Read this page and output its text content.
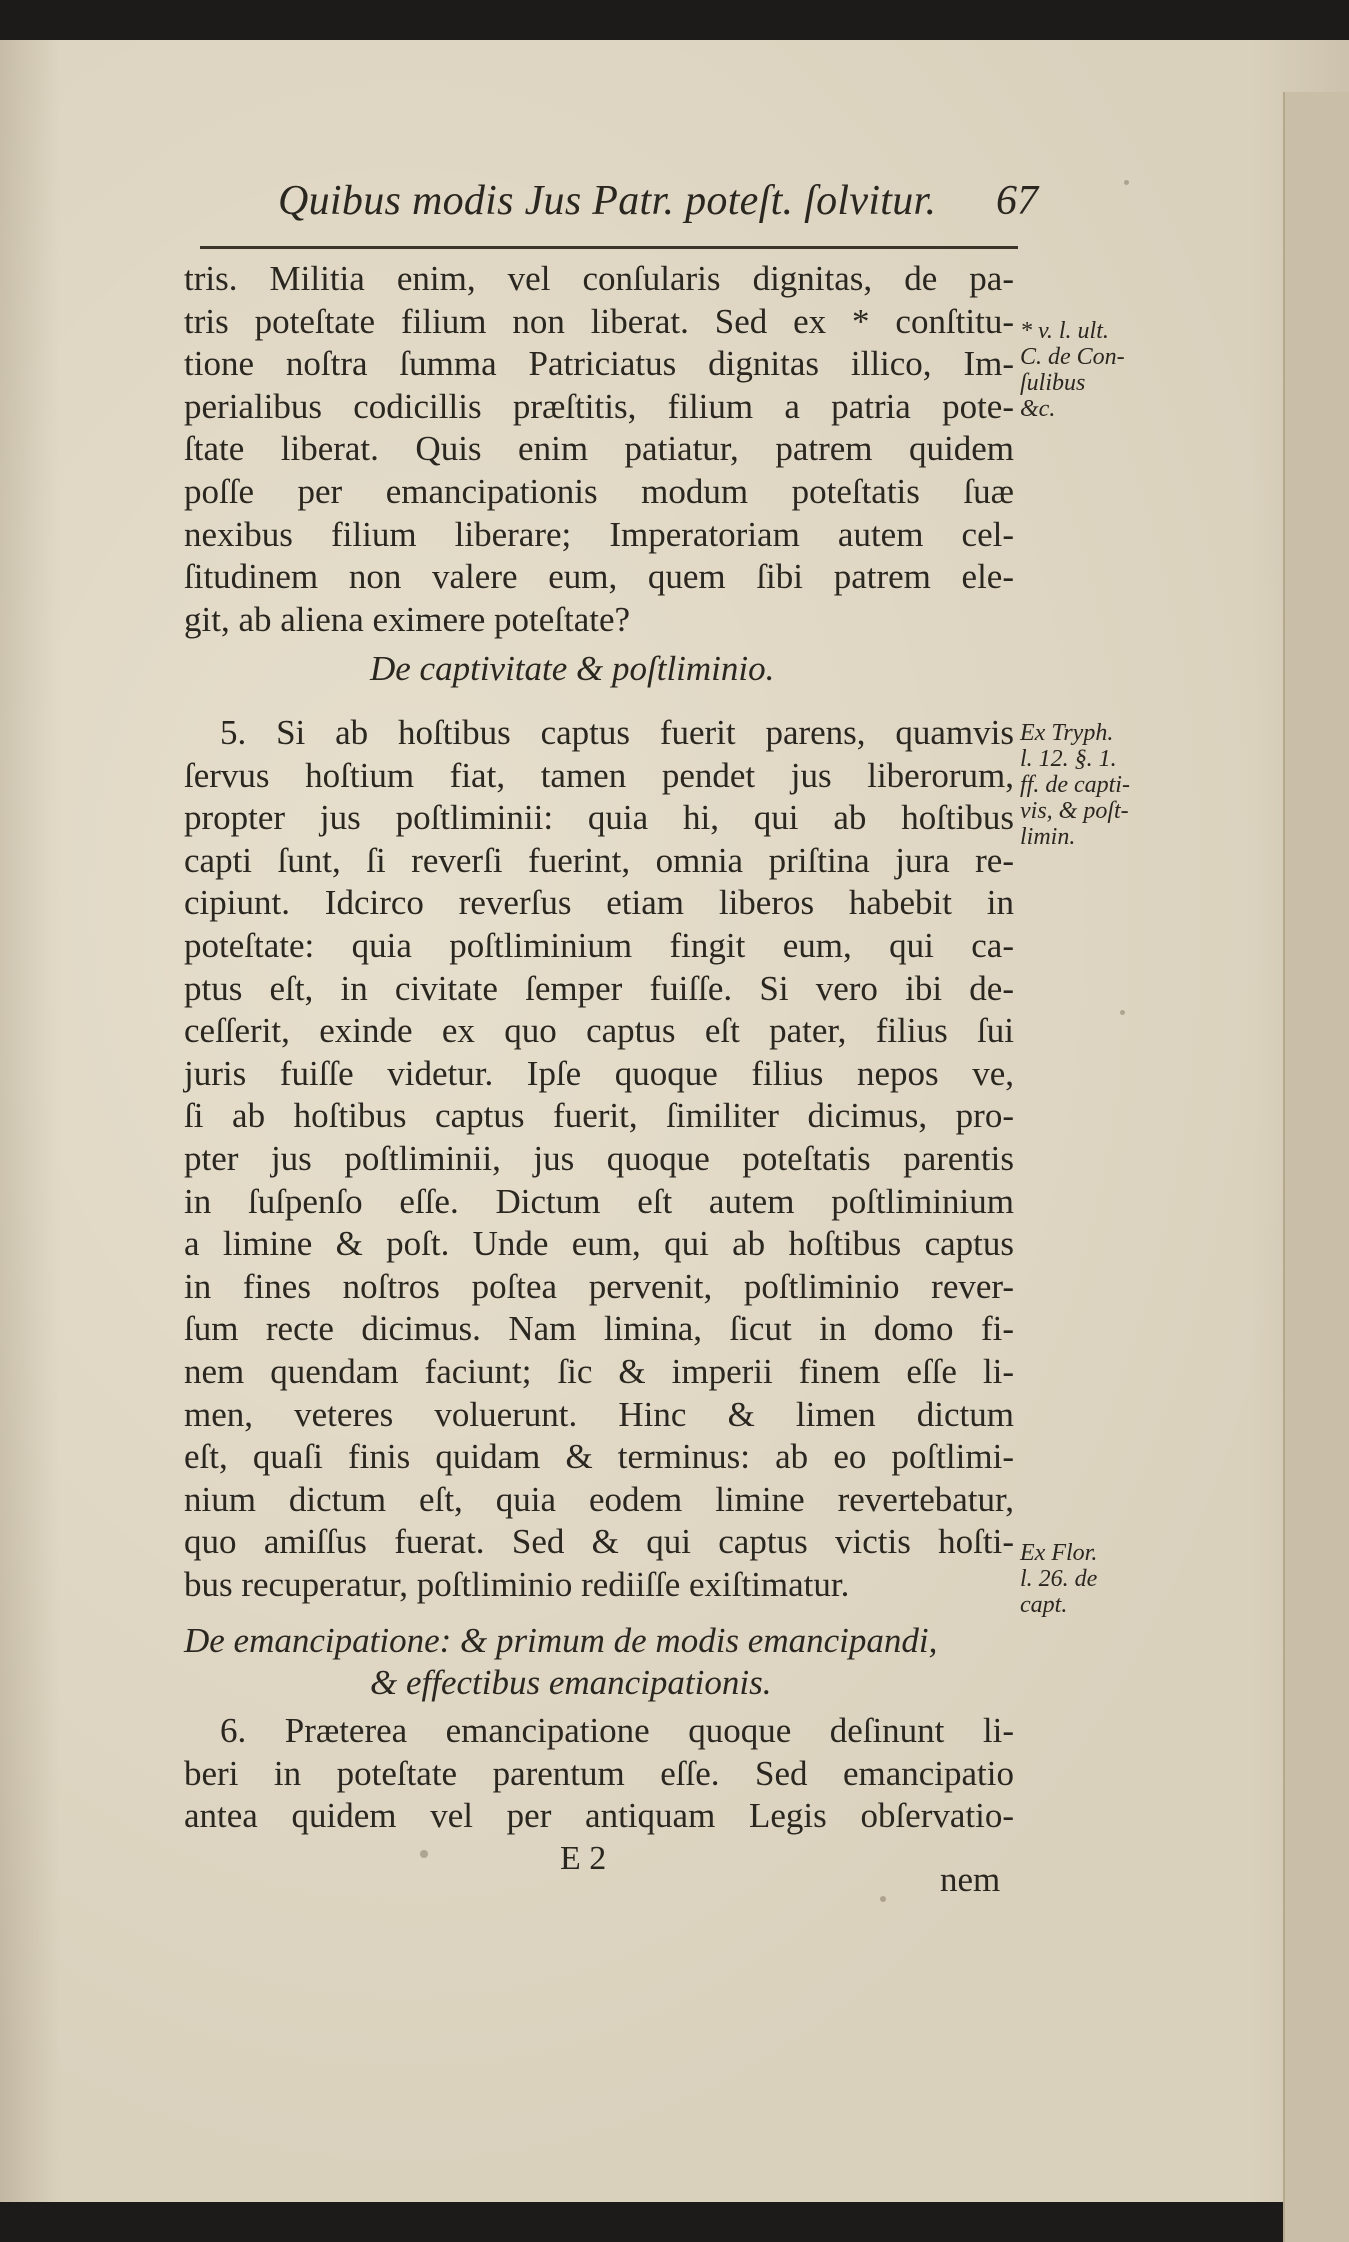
Quibus modis Jus Patr. poteſt. ſolvitur. 67
tris. Militia enim, vel conſularis dignitas, de pa-
tris poteſtate filium non liberat. Sed ex * conſtitu-
tione noſtra ſumma Patriciatus dignitas illico, Im-
perialibus codicillis præſtitis, filium a patria pote-
ſtate liberat. Quis enim patiatur, patrem quidem
poſſe per emancipationis modum poteſtatis ſuæ
nexibus filium liberare; Imperatoriam autem cel-
ſitudinem non valere eum, quem ſibi patrem ele-
git, ab aliena eximere poteſtate?
5. Si ab hoſtibus captus fuerit parens, quamvis
ſervus hoſtium fiat, tamen pendet jus liberorum,
propter jus poſtliminii: quia hi, qui ab hoſtibus
capti ſunt, ſi reverſi fuerint, omnia priſtina jura re-
cipiunt. Idcirco reverſus etiam liberos habebit in
poteſtate: quia poſtliminium fingit eum, qui ca-
ptus eſt, in civitate ſemper fuiſſe. Si vero ibi de-
ceſſerit, exinde ex quo captus eſt pater, filius ſui
juris fuiſſe videtur. Ipſe quoque filius nepos ve,
ſi ab hoſtibus captus fuerit, ſimiliter dicimus, pro-
pter jus poſtliminii, jus quoque poteſtatis parentis
in ſuſpenſo eſſe. Dictum eſt autem poſtliminium
a limine & poſt. Unde eum, qui ab hoſtibus captus
in fines noſtros poſtea pervenit, poſtliminio rever-
ſum recte dicimus. Nam limina, ſicut in domo fi-
nem quendam faciunt; ſic & imperii finem eſſe li-
men, veteres voluerunt. Hinc & limen dictum
eſt, quaſi finis quidam & terminus: ab eo poſtlimi-
nium dictum eſt, quia eodem limine revertebatur,
quo amiſſus fuerat. Sed & qui captus victis hoſti-
bus recuperatur, poſtliminio rediiſſe exiſtimatur.
6. Præterea emancipatione quoque deſinunt li-
beri in poteſtate parentum eſſe. Sed emancipatio
antea quidem vel per antiquam Legis obſervatio-
De captivitate & poſtliminio.
De emancipatione: & primum de modis emancipandi,
& effectibus emancipationis.
* v. l. ult.
C. de Con-
ſulibus
&c.
Ex Tryph.
l. 12. §. 1.
ff. de capti-
vis, & poſt-
limin.
Ex Flor.
l. 26. de
capt.
E 2
nem
